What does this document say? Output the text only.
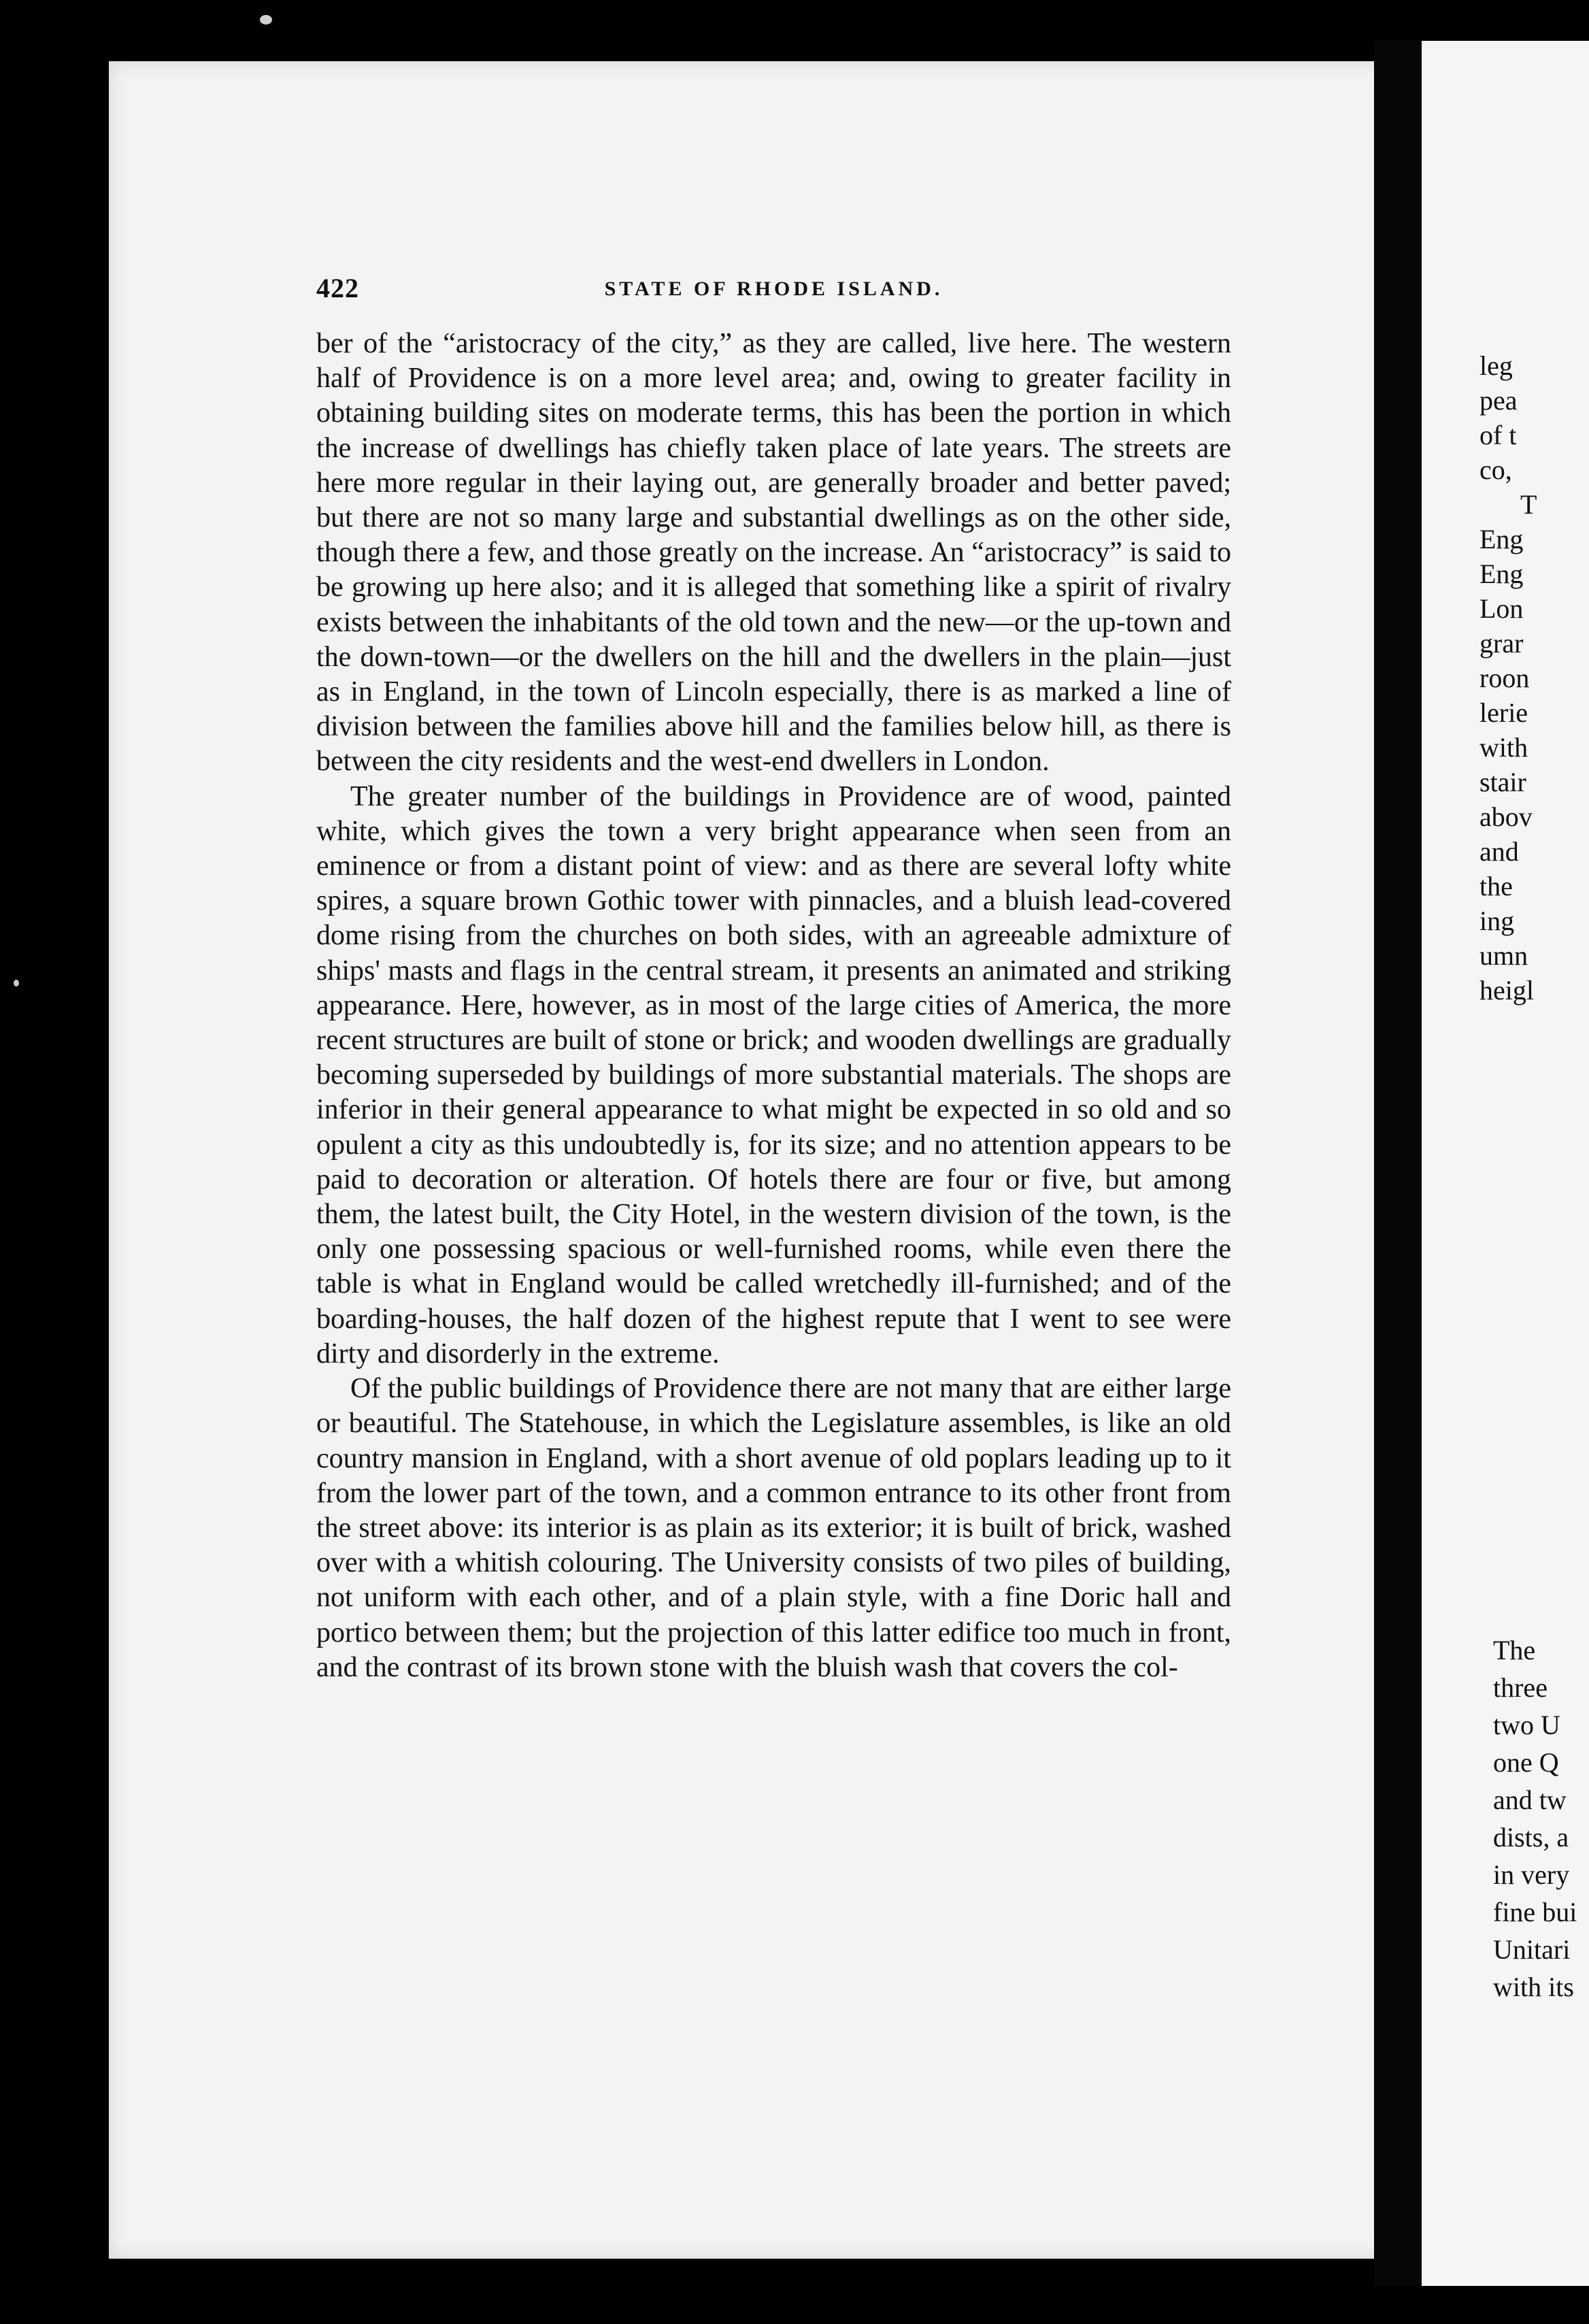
422	STATE OF RHODE ISLAND.

ber of the “aristocracy of the city,” as they are called, live here. The western half of Providence is on a more level area; and, owing to greater facility in obtaining building sites on moderate terms, this has been the portion in which the increase of dwellings has chiefly taken place of late years. The streets are here more regular in their laying out, are generally broader and better paved; but there are not so many large and substantial dwellings as on the other side, though there a few, and those greatly on the increase. An “aristocracy” is said to be growing up here also; and it is alleged that something like a spirit of rivalry exists between the inhabitants of the old town and the new—or the up-town and the down-town—or the dwellers on the hill and the dwellers in the plain—just as in England, in the town of Lincoln especially, there is as marked a line of division between the families above hill and the families below hill, as there is between the city residents and the west-end dwellers in London.

The greater number of the buildings in Providence are of wood, painted white, which gives the town a very bright appearance when seen from an eminence or from a distant point of view: and as there are several lofty white spires, a square brown Gothic tower with pinnacles, and a bluish lead-covered dome rising from the churches on both sides, with an agreeable admixture of ships' masts and flags in the central stream, it presents an animated and striking appearance. Here, however, as in most of the large cities of America, the more recent structures are built of stone or brick; and wooden dwellings are gradually becoming superseded by buildings of more substantial materials. The shops are inferior in their general appearance to what might be expected in so old and so opulent a city as this undoubtedly is, for its size; and no attention appears to be paid to decoration or alteration. Of hotels there are four or five, but among them, the latest built, the City Hotel, in the western division of the town, is the only one possessing spacious or well-furnished rooms, while even there the table is what in England would be called wretchedly ill-furnished; and of the boarding-houses, the half dozen of the highest repute that I went to see were dirty and disorderly in the extreme.

Of the public buildings of Providence there are not many that are either large or beautiful. The Statehouse, in which the Legislature assembles, is like an old country mansion in England, with a short avenue of old poplars leading up to it from the lower part of the town, and a common entrance to its other front from the street above: its interior is as plain as its exterior; it is built of brick, washed over with a whitish colouring. The University consists of two piles of building, not uniform with each other, and of a plain style, with a fine Doric hall and portico between them; but the projection of this latter edifice too much in front, and the contrast of its brown stone with the bluish wash that covers the col-

leg
pea
of t
co,
T
Eng
Eng
Lon
grar
roon
lerie
with
stair
abov
and
the
ing
umn
heigl
The
three
two U
one Q
and tw
dists, a
in very
fine bui
Unitari
with its
